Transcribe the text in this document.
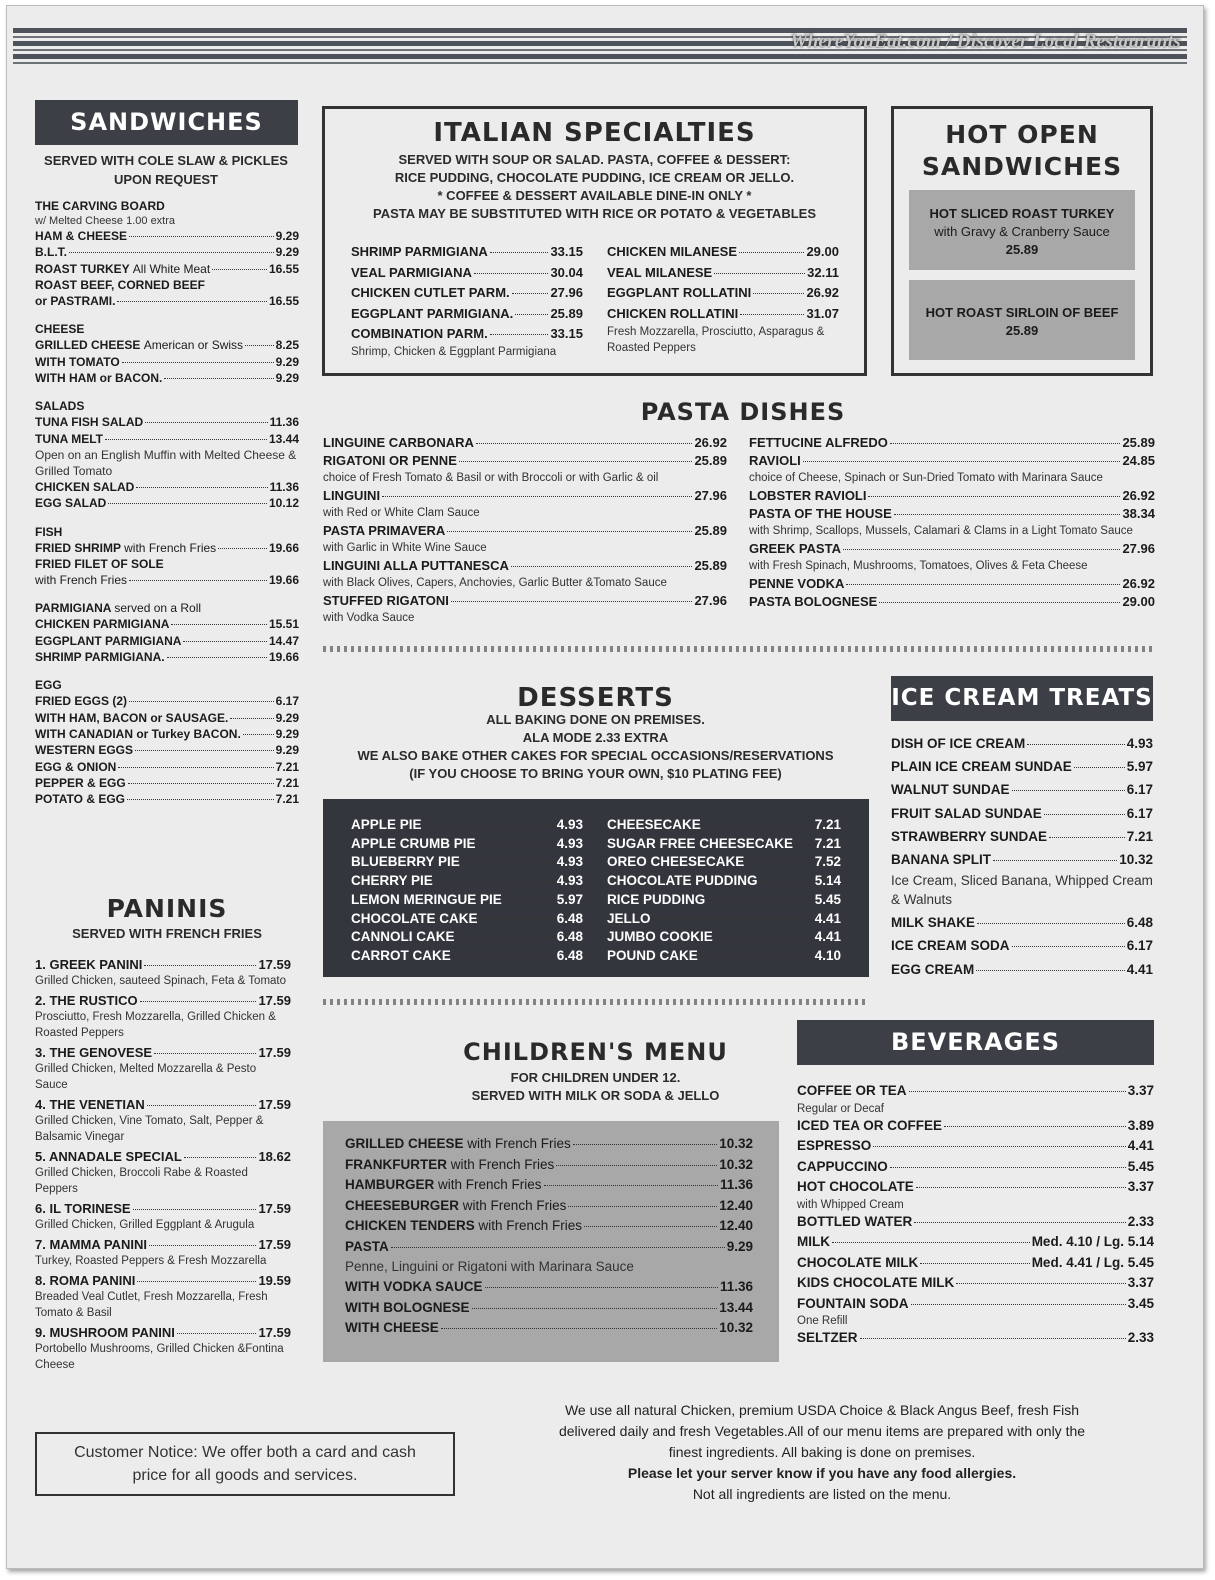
WhereYouEat.com / Discover Local Restaurants
SANDWICHES
SERVED WITH COLE SLAW & PICKLES UPON REQUEST
THE CARVING BOARD
w/ Melted Cheese 1.00 extra
HAM & CHEESE	9.29
B.L.T.	9.29
ROAST TURKEY All White Meat	16.55
ROAST BEEF, CORNED BEEF
or PASTRAMI.	16.55
CHEESE
GRILLED CHEESE American or Swiss	8.25
WITH TOMATO	9.29
WITH HAM or BACON.	9.29
SALADS
TUNA FISH SALAD	11.36
TUNA MELT	13.44
Open on an English Muffin with Melted Cheese & Grilled Tomato
CHICKEN SALAD	11.36
EGG SALAD	10.12
FISH
FRIED SHRIMP with French Fries	19.66
FRIED FILET OF SOLE
with French Fries	19.66
PARMIGIANA served on a Roll
CHICKEN PARMIGIANA	15.51
EGGPLANT PARMIGIANA	14.47
SHRIMP PARMIGIANA.	19.66
EGG
FRIED EGGS (2)	6.17
WITH HAM, BACON or SAUSAGE.	9.29
WITH CANADIAN or Turkey BACON.	9.29
WESTERN EGGS	9.29
EGG & ONION	7.21
PEPPER & EGG	7.21
POTATO & EGG	7.21
PANINIS
SERVED WITH FRENCH FRIES
1. GREEK PANINI	17.59
Grilled Chicken, sauteed Spinach, Feta & Tomato
2. THE RUSTICO	17.59
Prosciutto, Fresh Mozzarella, Grilled Chicken & Roasted Peppers
3. THE GENOVESE	17.59
Grilled Chicken, Melted Mozzarella & Pesto Sauce
4. THE VENETIAN	17.59
Grilled Chicken, Vine Tomato, Salt, Pepper & Balsamic Vinegar
5. ANNADALE SPECIAL	18.62
Grilled Chicken, Broccoli Rabe & Roasted Peppers
6. IL TORINESE	17.59
Grilled Chicken, Grilled Eggplant & Arugula
7. MAMMA PANINI	17.59
Turkey, Roasted Peppers & Fresh Mozzarella
8. ROMA PANINI	19.59
Breaded Veal Cutlet, Fresh Mozzarella, Fresh Tomato & Basil
9. MUSHROOM PANINI	17.59
Portobello Mushrooms, Grilled Chicken &Fontina Cheese
Customer Notice: We offer both a card and cash price for all goods and services.
ITALIAN SPECIALTIES
SERVED WITH SOUP OR SALAD. PASTA, COFFEE & DESSERT:
RICE PUDDING, CHOCOLATE PUDDING, ICE CREAM OR JELLO.
* COFFEE & DESSERT AVAILABLE DINE-IN ONLY *
PASTA MAY BE SUBSTITUTED WITH RICE OR POTATO & VEGETABLES
SHRIMP PARMIGIANA	33.15
VEAL PARMIGIANA	30.04
CHICKEN CUTLET PARM.	27.96
EGGPLANT PARMIGIANA.	25.89
COMBINATION PARM.	33.15
Shrimp, Chicken & Eggplant Parmigiana
CHICKEN MILANESE	29.00
VEAL MILANESE	32.11
EGGPLANT ROLLATINI	26.92
CHICKEN ROLLATINI	31.07
Fresh Mozzarella, Prosciutto, Asparagus & Roasted Peppers
HOT OPEN
SANDWICHES
HOT SLICED ROAST TURKEY
with Gravy & Cranberry Sauce
25.89
HOT ROAST SIRLOIN OF BEEF
25.89
PASTA DISHES
LINGUINE CARBONARA	26.92
RIGATONI OR PENNE	25.89
choice of Fresh Tomato & Basil or with Broccoli or with Garlic & oil
LINGUINI	27.96
with Red or White Clam Sauce
PASTA PRIMAVERA	25.89
with Garlic in White Wine Sauce
LINGUINI ALLA PUTTANESCA	25.89
with Black Olives, Capers, Anchovies, Garlic Butter &Tomato Sauce
STUFFED RIGATONI	27.96
with Vodka Sauce
FETTUCINE ALFREDO	25.89
RAVIOLI	24.85
choice of Cheese, Spinach or Sun-Dried Tomato with Marinara Sauce
LOBSTER RAVIOLI	26.92
PASTA OF THE HOUSE	38.34
with Shrimp, Scallops, Mussels, Calamari & Clams in a Light Tomato Sauce
GREEK PASTA	27.96
with Fresh Spinach, Mushrooms, Tomatoes, Olives & Feta Cheese
PENNE VODKA	26.92
PASTA BOLOGNESE	29.00
DESSERTS
ALL BAKING DONE ON PREMISES.
ALA MODE 2.33 EXTRA
WE ALSO BAKE OTHER CAKES FOR SPECIAL OCCASIONS/RESERVATIONS
(IF YOU CHOOSE TO BRING YOUR OWN, $10 PLATING FEE)
APPLE PIE	4.93
APPLE CRUMB PIE	4.93
BLUEBERRY PIE	4.93
CHERRY PIE	4.93
LEMON MERINGUE PIE	5.97
CHOCOLATE CAKE	6.48
CANNOLI CAKE	6.48
CARROT CAKE	6.48
CHEESECAKE	7.21
SUGAR FREE CHEESECAKE 7.21
OREO CHEESECAKE	7.52
CHOCOLATE PUDDING	5.14
RICE PUDDING	5.45
JELLO	4.41
JUMBO COOKIE	4.41
POUND CAKE	4.10
ICE CREAM TREATS
DISH OF ICE CREAM	4.93
PLAIN ICE CREAM SUNDAE	5.97
WALNUT SUNDAE	6.17
FRUIT SALAD SUNDAE	6.17
STRAWBERRY SUNDAE	7.21
BANANA SPLIT	10.32
Ice Cream, Sliced Banana, Whipped Cream & Walnuts
MILK SHAKE	6.48
ICE CREAM SODA	6.17
EGG CREAM	4.41
CHILDREN'S MENU
FOR CHILDREN UNDER 12.
SERVED WITH MILK OR SODA & JELLO
GRILLED CHEESE with French Fries	10.32
FRANKFURTER with French Fries	10.32
HAMBURGER with French Fries	11.36
CHEESEBURGER with French Fries	12.40
CHICKEN TENDERS with French Fries	12.40
PASTA	9.29
Penne, Linguini or Rigatoni with Marinara Sauce
WITH VODKA SAUCE	11.36
WITH BOLOGNESE	13.44
WITH CHEESE	10.32
BEVERAGES
COFFEE OR TEA	3.37
Regular or Decaf
ICED TEA OR COFFEE	3.89
ESPRESSO	4.41
CAPPUCCINO	5.45
HOT CHOCOLATE	3.37
with Whipped Cream
BOTTLED WATER	2.33
MILK	Med. 4.10 / Lg. 5.14
CHOCOLATE MILK	Med. 4.41 / Lg. 5.45
KIDS CHOCOLATE MILK	3.37
FOUNTAIN SODA	3.45
One Refill
SELTZER	2.33
We use all natural Chicken, premium USDA Choice & Black Angus Beef, fresh Fish
delivered daily and fresh Vegetables.All of our menu items are prepared with only the
finest ingredients. All baking is done on premises.
Please let your server know if you have any food allergies.
Not all ingredients are listed on the menu.
